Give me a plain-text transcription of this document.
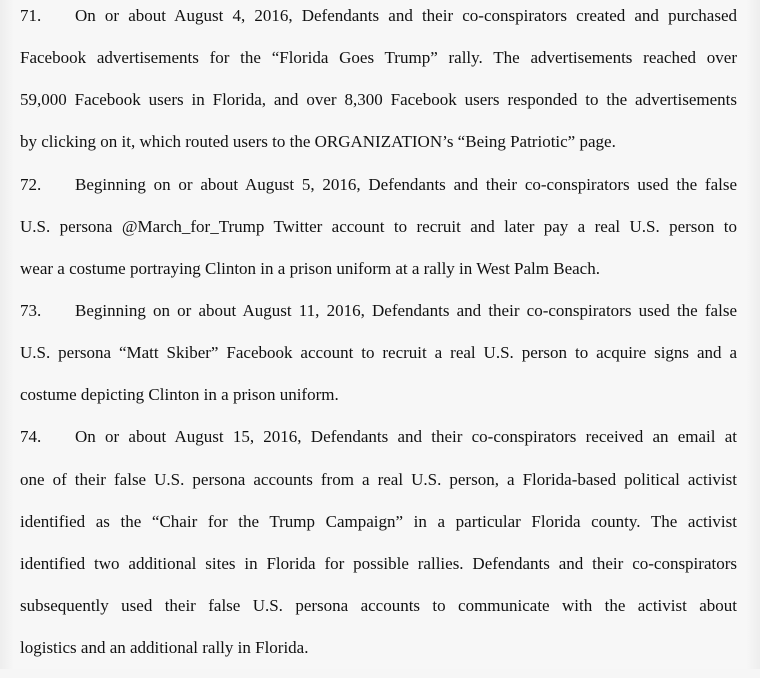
71.	On or about August 4, 2016, Defendants and their co-conspirators created and purchased
Facebook advertisements for the “Florida Goes Trump” rally. The advertisements reached over
59,000 Facebook users in Florida, and over 8,300 Facebook users responded to the advertisements
by clicking on it, which routed users to the ORGANIZATION’s “Being Patriotic” page.
72.	Beginning on or about August 5, 2016, Defendants and their co-conspirators used the false
U.S. persona @March_for_Trump Twitter account to recruit and later pay a real U.S. person to
wear a costume portraying Clinton in a prison uniform at a rally in West Palm Beach.
73.	Beginning on or about August 11, 2016, Defendants and their co-conspirators used the false
U.S. persona “Matt Skiber” Facebook account to recruit a real U.S. person to acquire signs and a
costume depicting Clinton in a prison uniform.
74.	On or about August 15, 2016, Defendants and their co-conspirators received an email at
one of their false U.S. persona accounts from a real U.S. person, a Florida-based political activist
identified as the “Chair for the Trump Campaign” in a particular Florida county. The activist
identified two additional sites in Florida for possible rallies. Defendants and their co-conspirators
subsequently used their false U.S. persona accounts to communicate with the activist about
logistics and an additional rally in Florida.
